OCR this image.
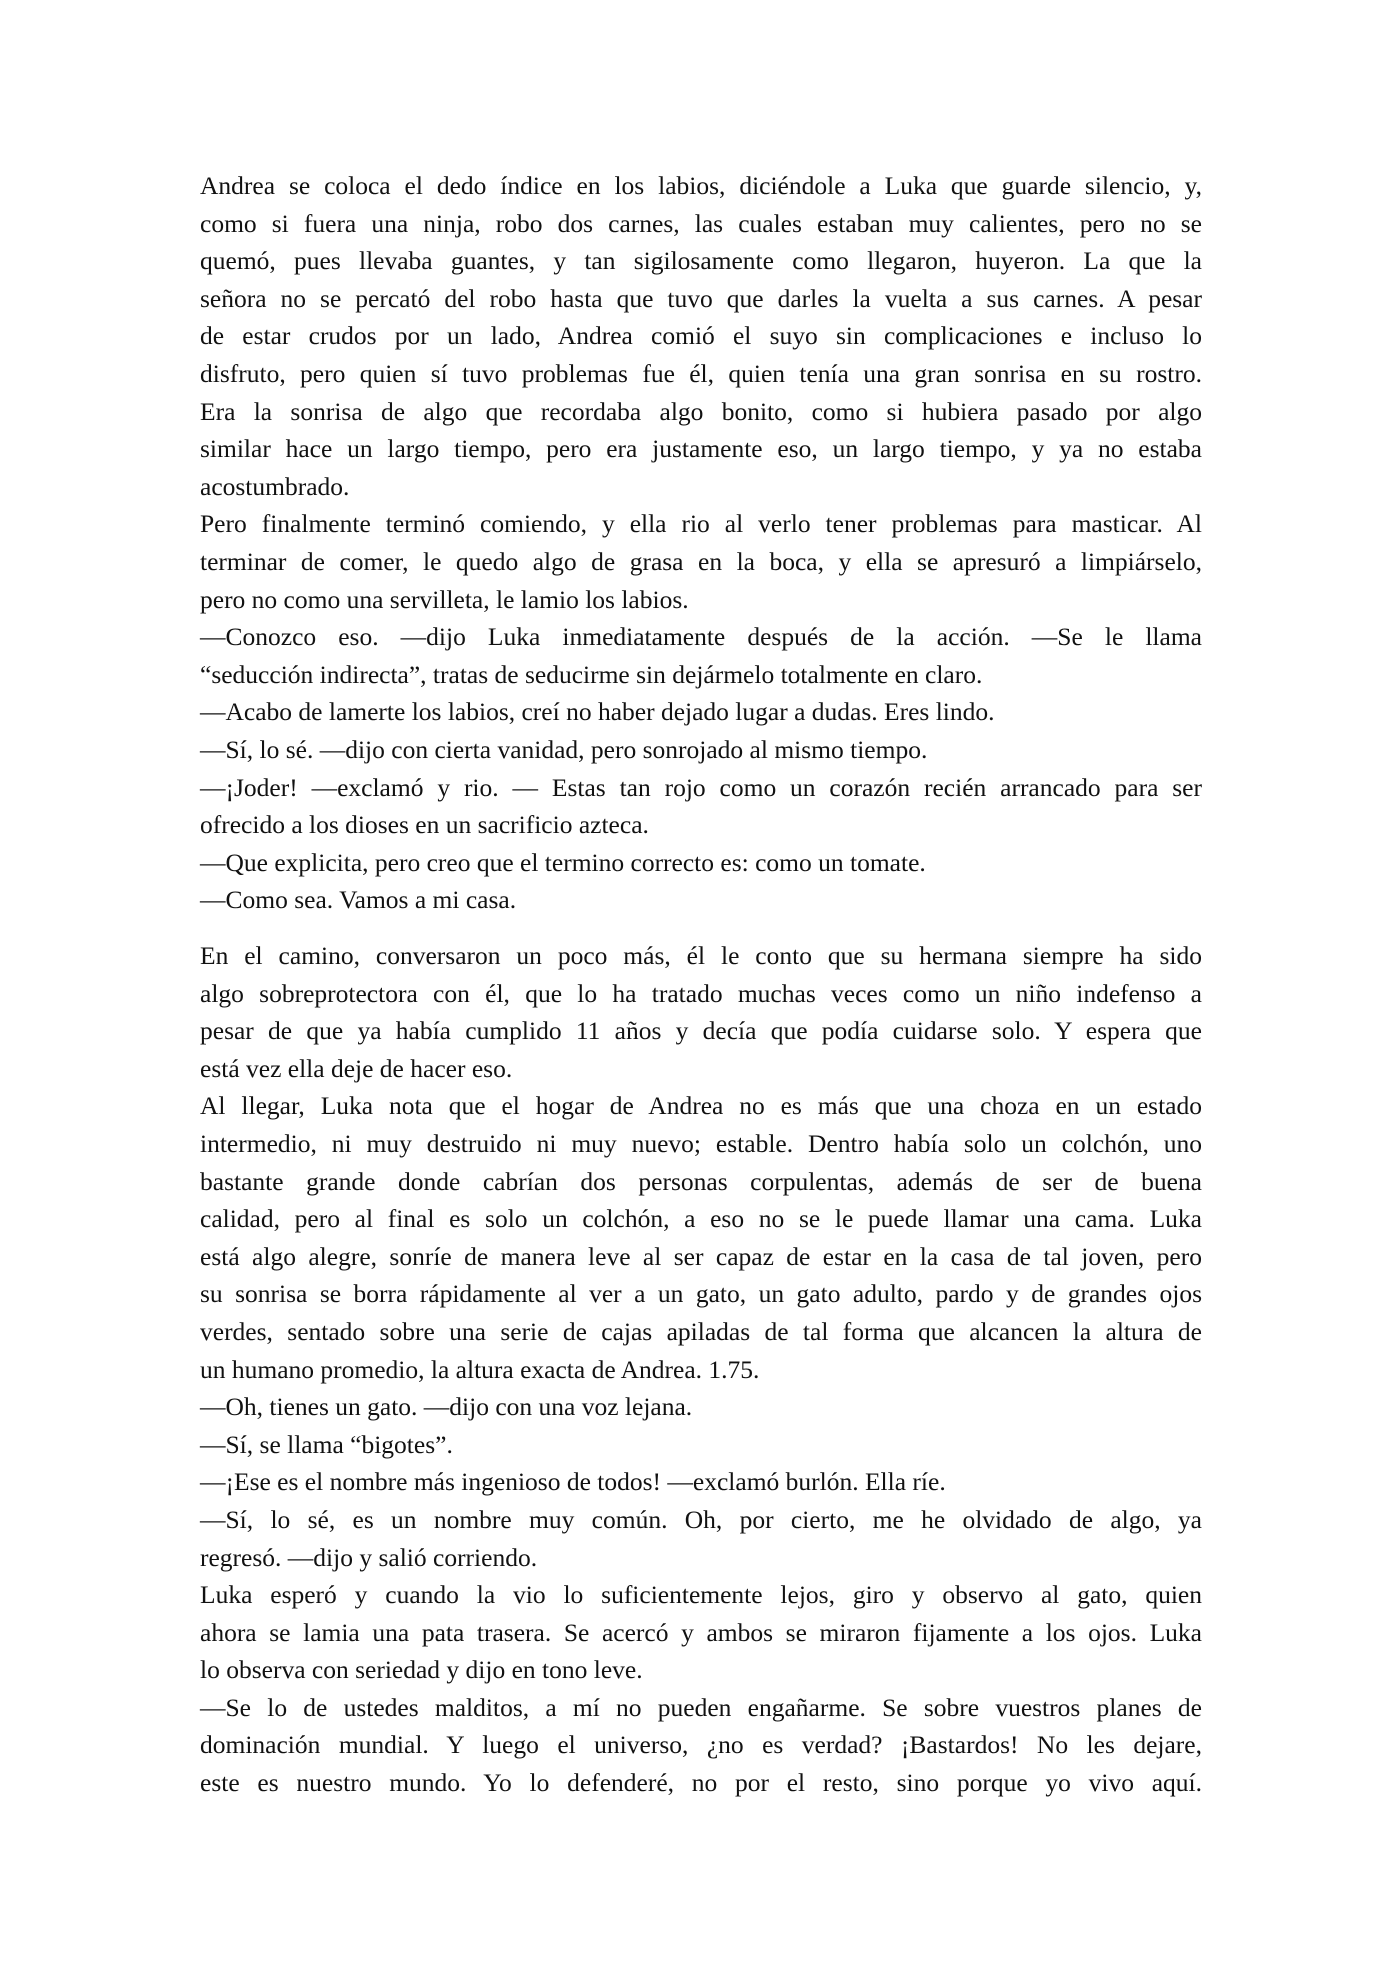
Andrea se coloca el dedo índice en los labios, diciéndole a Luka que guarde silencio, y,
como si fuera una ninja, robo dos carnes, las cuales estaban muy calientes, pero no se
quemó, pues llevaba guantes, y tan sigilosamente como llegaron, huyeron. La que la
señora no se percató del robo hasta que tuvo que darles la vuelta a sus carnes. A pesar
de estar crudos por un lado, Andrea comió el suyo sin complicaciones e incluso lo
disfruto, pero quien sí tuvo problemas fue él, quien tenía una gran sonrisa en su rostro.
Era la sonrisa de algo que recordaba algo bonito, como si hubiera pasado por algo
similar hace un largo tiempo, pero era justamente eso, un largo tiempo, y ya no estaba
acostumbrado.
Pero finalmente terminó comiendo, y ella rio al verlo tener problemas para masticar. Al
terminar de comer, le quedo algo de grasa en la boca, y ella se apresuró a limpiárselo,
pero no como una servilleta, le lamio los labios.
—Conozco eso. —dijo Luka inmediatamente después de la acción. —Se le llama
“seducción indirecta”, tratas de seducirme sin dejármelo totalmente en claro.
—Acabo de lamerte los labios, creí no haber dejado lugar a dudas. Eres lindo.
—Sí, lo sé. —dijo con cierta vanidad, pero sonrojado al mismo tiempo.
—¡Joder! —exclamó y rio. — Estas tan rojo como un corazón recién arrancado para ser
ofrecido a los dioses en un sacrificio azteca.
—Que explicita, pero creo que el termino correcto es: como un tomate.
—Como sea. Vamos a mi casa.
En el camino, conversaron un poco más, él le conto que su hermana siempre ha sido
algo sobreprotectora con él, que lo ha tratado muchas veces como un niño indefenso a
pesar de que ya había cumplido 11 años y decía que podía cuidarse solo. Y espera que
está vez ella deje de hacer eso.
Al llegar, Luka nota que el hogar de Andrea no es más que una choza en un estado
intermedio, ni muy destruido ni muy nuevo; estable. Dentro había solo un colchón, uno
bastante grande donde cabrían dos personas corpulentas, además de ser de buena
calidad, pero al final es solo un colchón, a eso no se le puede llamar una cama. Luka
está algo alegre, sonríe de manera leve al ser capaz de estar en la casa de tal joven, pero
su sonrisa se borra rápidamente al ver a un gato, un gato adulto, pardo y de grandes ojos
verdes, sentado sobre una serie de cajas apiladas de tal forma que alcancen la altura de
un humano promedio, la altura exacta de Andrea. 1.75.
—Oh, tienes un gato. —dijo con una voz lejana.
—Sí, se llama “bigotes”.
—¡Ese es el nombre más ingenioso de todos! —exclamó burlón. Ella ríe.
—Sí, lo sé, es un nombre muy común. Oh, por cierto, me he olvidado de algo, ya
regresó. —dijo y salió corriendo.
Luka esperó y cuando la vio lo suficientemente lejos, giro y observo al gato, quien
ahora se lamia una pata trasera. Se acercó y ambos se miraron fijamente a los ojos. Luka
lo observa con seriedad y dijo en tono leve.
—Se lo de ustedes malditos, a mí no pueden engañarme. Se sobre vuestros planes de
dominación mundial. Y luego el universo, ¿no es verdad? ¡Bastardos! No les dejare,
este es nuestro mundo. Yo lo defenderé, no por el resto, sino porque yo vivo aquí.
